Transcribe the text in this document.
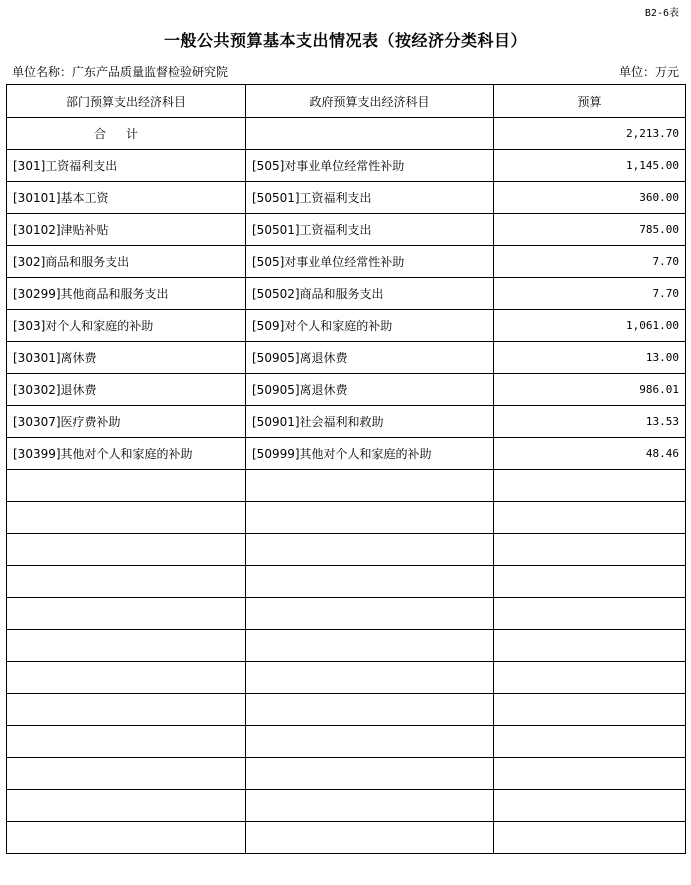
B2-6表
一般公共预算基本支出情况表（按经济分类科目）
单位名称：广东产品质量监督检验研究院	单位：万元
部门预算支出经济科目	政府预算支出经济科目	预算
合计		2,213.70
[301]工资福利支出	[505]对事业单位经常性补助	1,145.00
[30101]基本工资	[50501]工资福利支出	360.00
[30102]津贴补贴	[50501]工资福利支出	785.00
[302]商品和服务支出	[505]对事业单位经常性补助	7.70
[30299]其他商品和服务支出	[50502]商品和服务支出	7.70
[303]对个人和家庭的补助	[509]对个人和家庭的补助	1,061.00
[30301]离休费	[50905]离退休费	13.00
[30302]退休费	[50905]离退休费	986.01
[30307]医疗费补助	[50901]社会福利和救助	13.53
[30399]其他对个人和家庭的补助	[50999]其他对个人和家庭的补助	48.46
